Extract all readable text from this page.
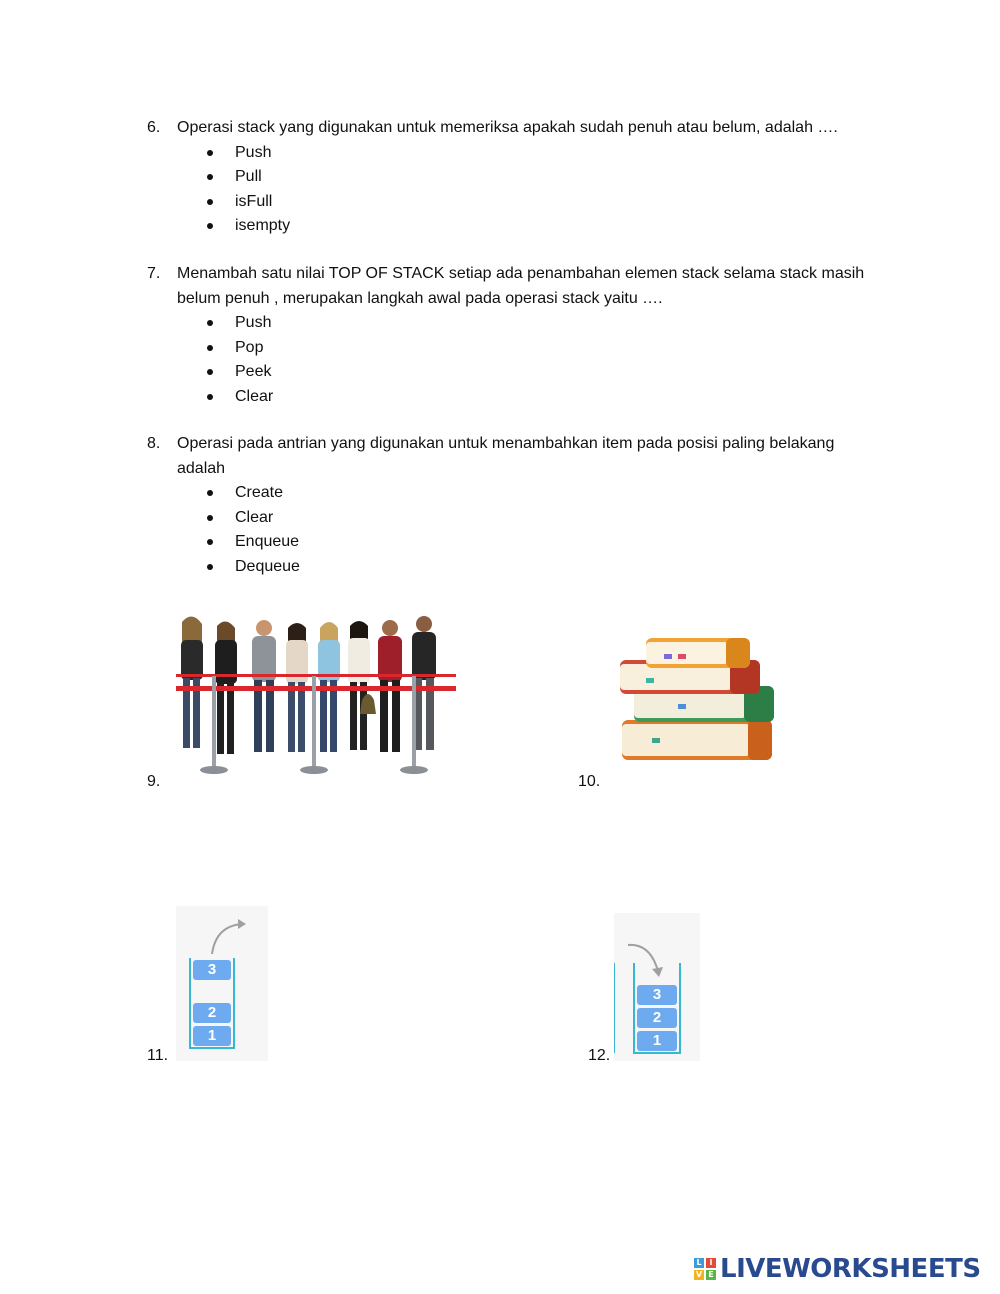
6. Operasi stack yang digunakan untuk memeriksa apakah sudah penuh atau belum, adalah ….
Push
Pull
isFull
isempty
7. Menambah satu nilai TOP OF STACK setiap ada penambahan elemen stack selama stack masih belum penuh , merupakan langkah awal pada operasi stack yaitu ….
Push
Pop
Peek
Clear
8. Operasi pada antrian yang digunakan untuk menambahkan item pada posisi paling belakang adalah
Create
Clear
Enqueue
Dequeue
9.	10.
11.
3
2
1
12.
3
2
1
L I
V E LIVEWORKSHEETS
